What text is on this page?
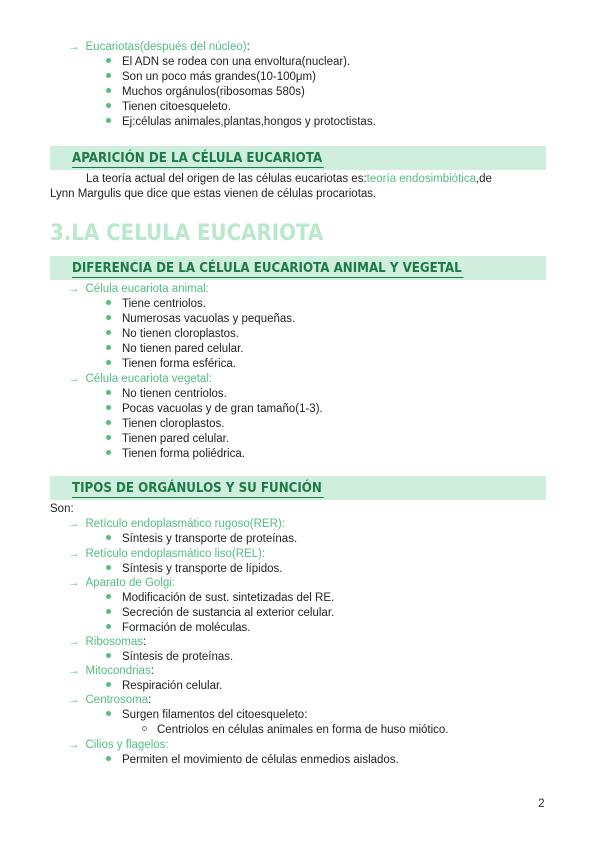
→ Eucariotas(después del núcleo):
El ADN se rodea con una envoltura(nuclear).
Son un poco más grandes(10-100μm)
Muchos orgánulos(ribosomas 580s)
Tienen citoesqueleto.
Ej:células animales,plantas,hongos y protoctistas.
APARICIÓN DE LA CÉLULA EUCARIOTA
La teoría actual del origen de las células eucariotas es:teoría endosimbiótica,de
Lynn Margulis que dice que estas vienen de células procariotas.
3.LA CELULA EUCARIOTA
DIFERENCIA DE LA CÉLULA EUCARIOTA ANIMAL Y VEGETAL
→ Célula eucariota animal:
Tiene centriolos.
Numerosas vacuolas y pequeñas.
No tienen cloroplastos.
No tienen pared celular.
Tienen forma esférica.
→ Célula eucariota vegetal:
No tienen centriolos.
Pocas vacuolas y de gran tamaño(1-3).
Tienen cloroplastos.
Tienen pared celular.
Tienen forma poliédrica.
TIPOS DE ORGÁNULOS Y SU FUNCIÓN
Son:
→ Retículo endoplasmático rugoso(RER):
Síntesis y transporte de proteínas.
→ Retículo endoplasmático liso(REL):
Síntesis y transporte de lípidos.
→ Aparato de Golgi:
Modificación de sust. sintetizadas del RE.
Secreción de sustancia al exterior celular.
Formación de moléculas.
→ Ribosomas:
Síntesis de proteínas.
→ Mitocondrias:
Respiración celular.
→ Centrosoma:
Surgen filamentos del citoesqueleto:
Centriolos en células animales en forma de huso miótico.
→ Cilios y flagelos:
Permiten el movimiento de células enmedios aislados.
2
